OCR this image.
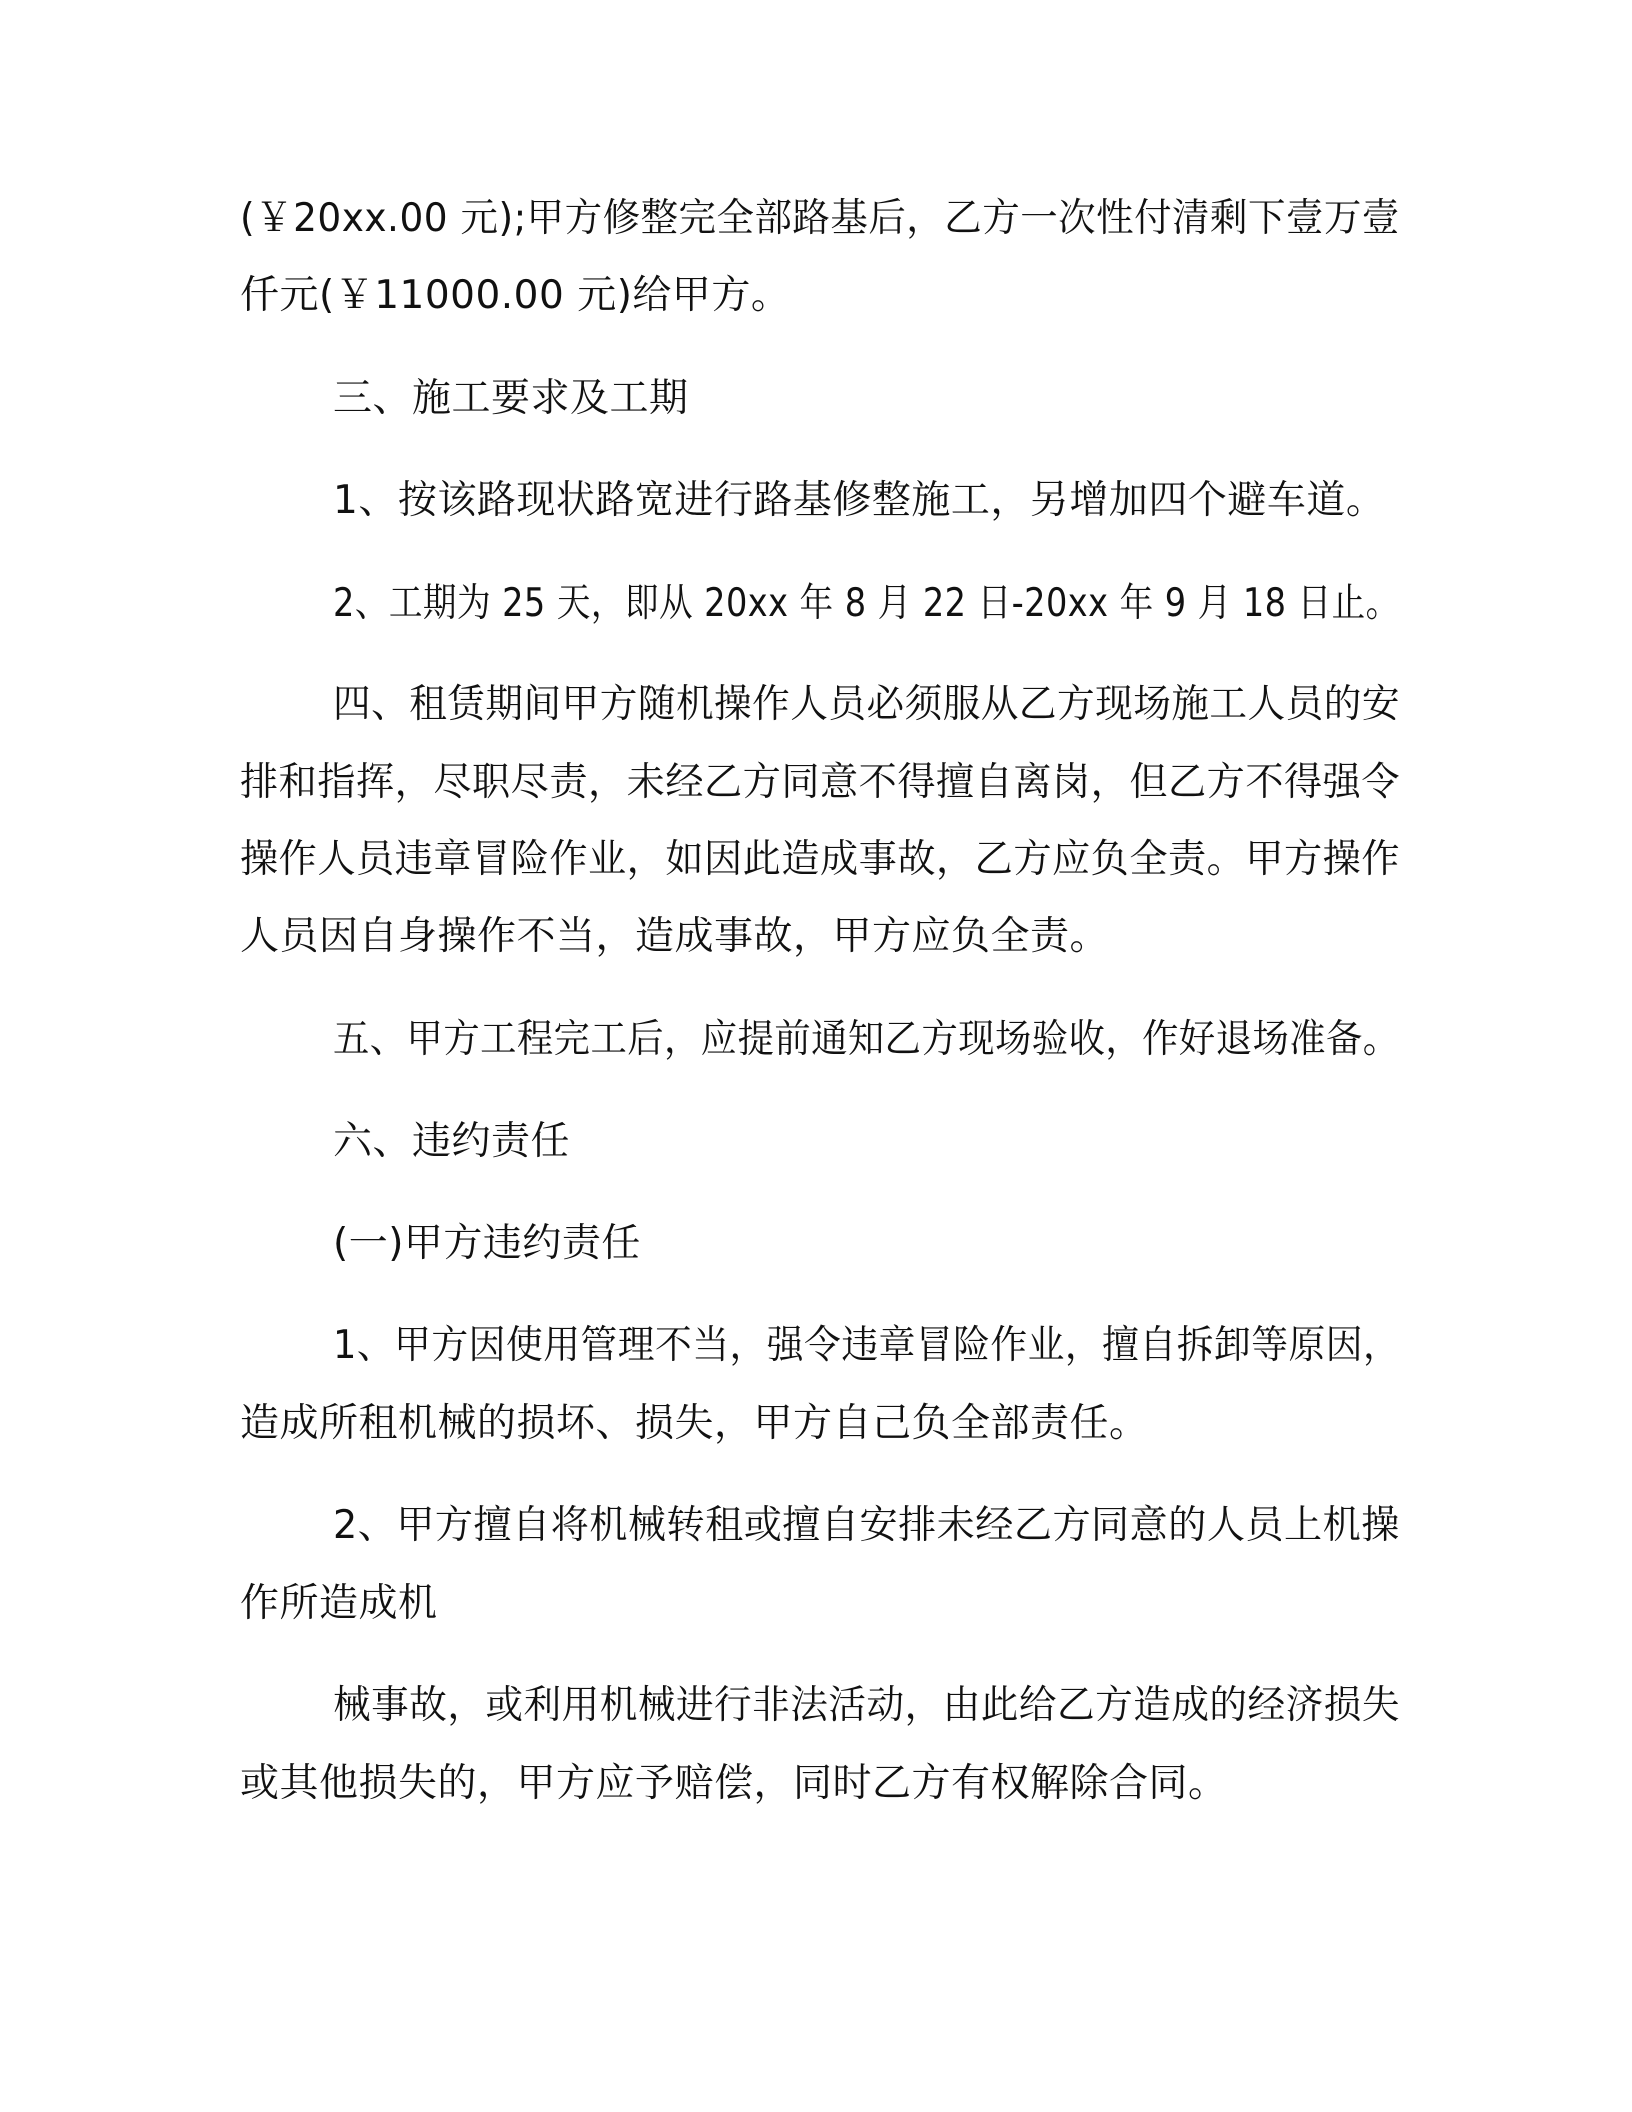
(￥20xx.00 元);甲方修整完全部路基后，乙方一次性付清剩下壹万壹
仟元(￥11000.00 元)给甲方。
三、施工要求及工期
1、按该路现状路宽进行路基修整施工，另增加四个避车道。
2、工期为 25 天，即从 20xx 年 8 月 22 日-20xx 年 9 月 18 日止。
四、租赁期间甲方随机操作人员必须服从乙方现场施工人员的安
排和指挥，尽职尽责，未经乙方同意不得擅自离岗，但乙方不得强令
操作人员违章冒险作业，如因此造成事故，乙方应负全责。甲方操作
人员因自身操作不当，造成事故，甲方应负全责。
五、甲方工程完工后，应提前通知乙方现场验收，作好退场准备。
六、违约责任
(一)甲方违约责任
1、甲方因使用管理不当，强令违章冒险作业，擅自拆卸等原因，
造成所租机械的损坏、损失，甲方自己负全部责任。
2、甲方擅自将机械转租或擅自安排未经乙方同意的人员上机操
作所造成机
械事故，或利用机械进行非法活动，由此给乙方造成的经济损失
或其他损失的，甲方应予赔偿，同时乙方有权解除合同。
